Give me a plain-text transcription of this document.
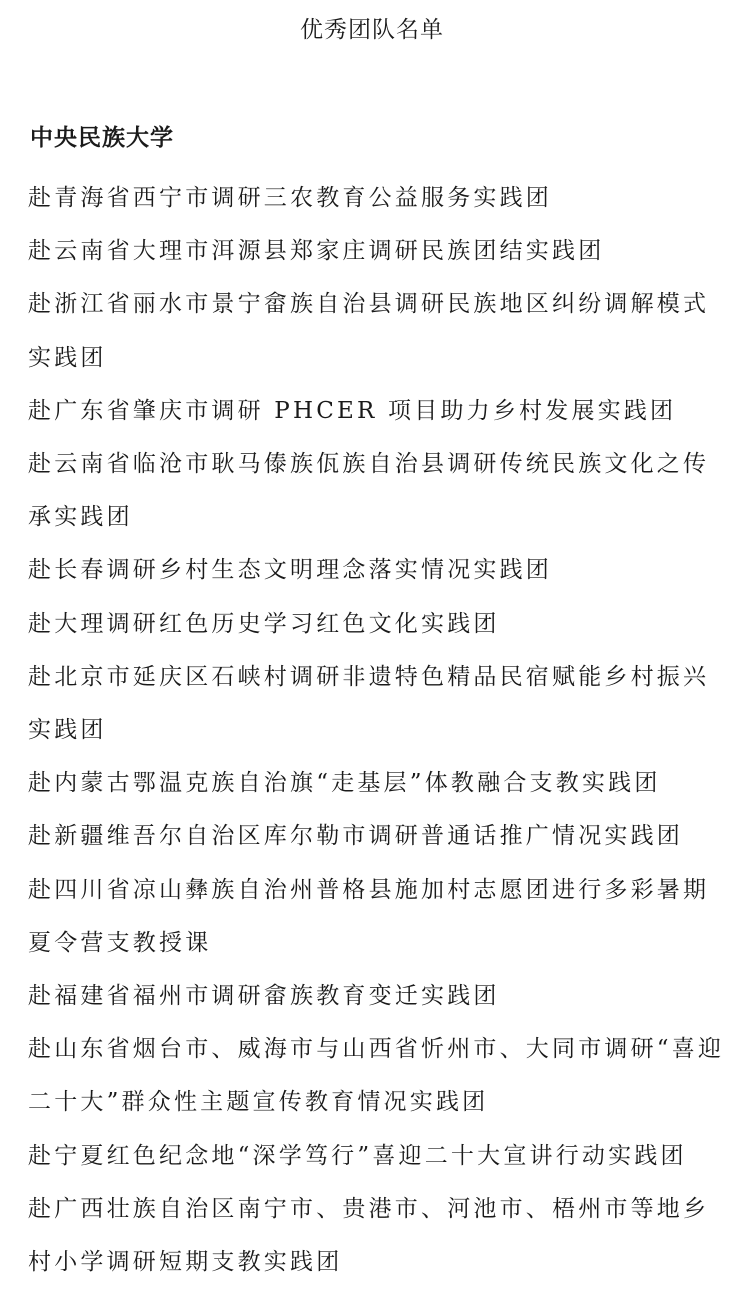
优秀团队名单
中央民族大学
赴青海省西宁市调研三农教育公益服务实践团
赴云南省大理市洱源县郑家庄调研民族团结实践团
赴浙江省丽水市景宁畲族自治县调研民族地区纠纷调解模式实践团
赴广东省肇庆市调研 PHCER 项目助力乡村发展实践团
赴云南省临沧市耿马傣族佤族自治县调研传统民族文化之传承实践团
赴长春调研乡村生态文明理念落实情况实践团
赴大理调研红色历史学习红色文化实践团
赴北京市延庆区石峡村调研非遗特色精品民宿赋能乡村振兴实践团
赴内蒙古鄂温克族自治旗“走基层”体教融合支教实践团
赴新疆维吾尔自治区库尔勒市调研普通话推广情况实践团
赴四川省凉山彝族自治州普格县施加村志愿团进行多彩暑期夏令营支教授课
赴福建省福州市调研畲族教育变迁实践团
赴山东省烟台市、威海市与山西省忻州市、大同市调研“喜迎二十大”群众性主题宣传教育情况实践团
赴宁夏红色纪念地“深学笃行”喜迎二十大宣讲行动实践团
赴广西壮族自治区南宁市、贵港市、河池市、梧州市等地乡村小学调研短期支教实践团
